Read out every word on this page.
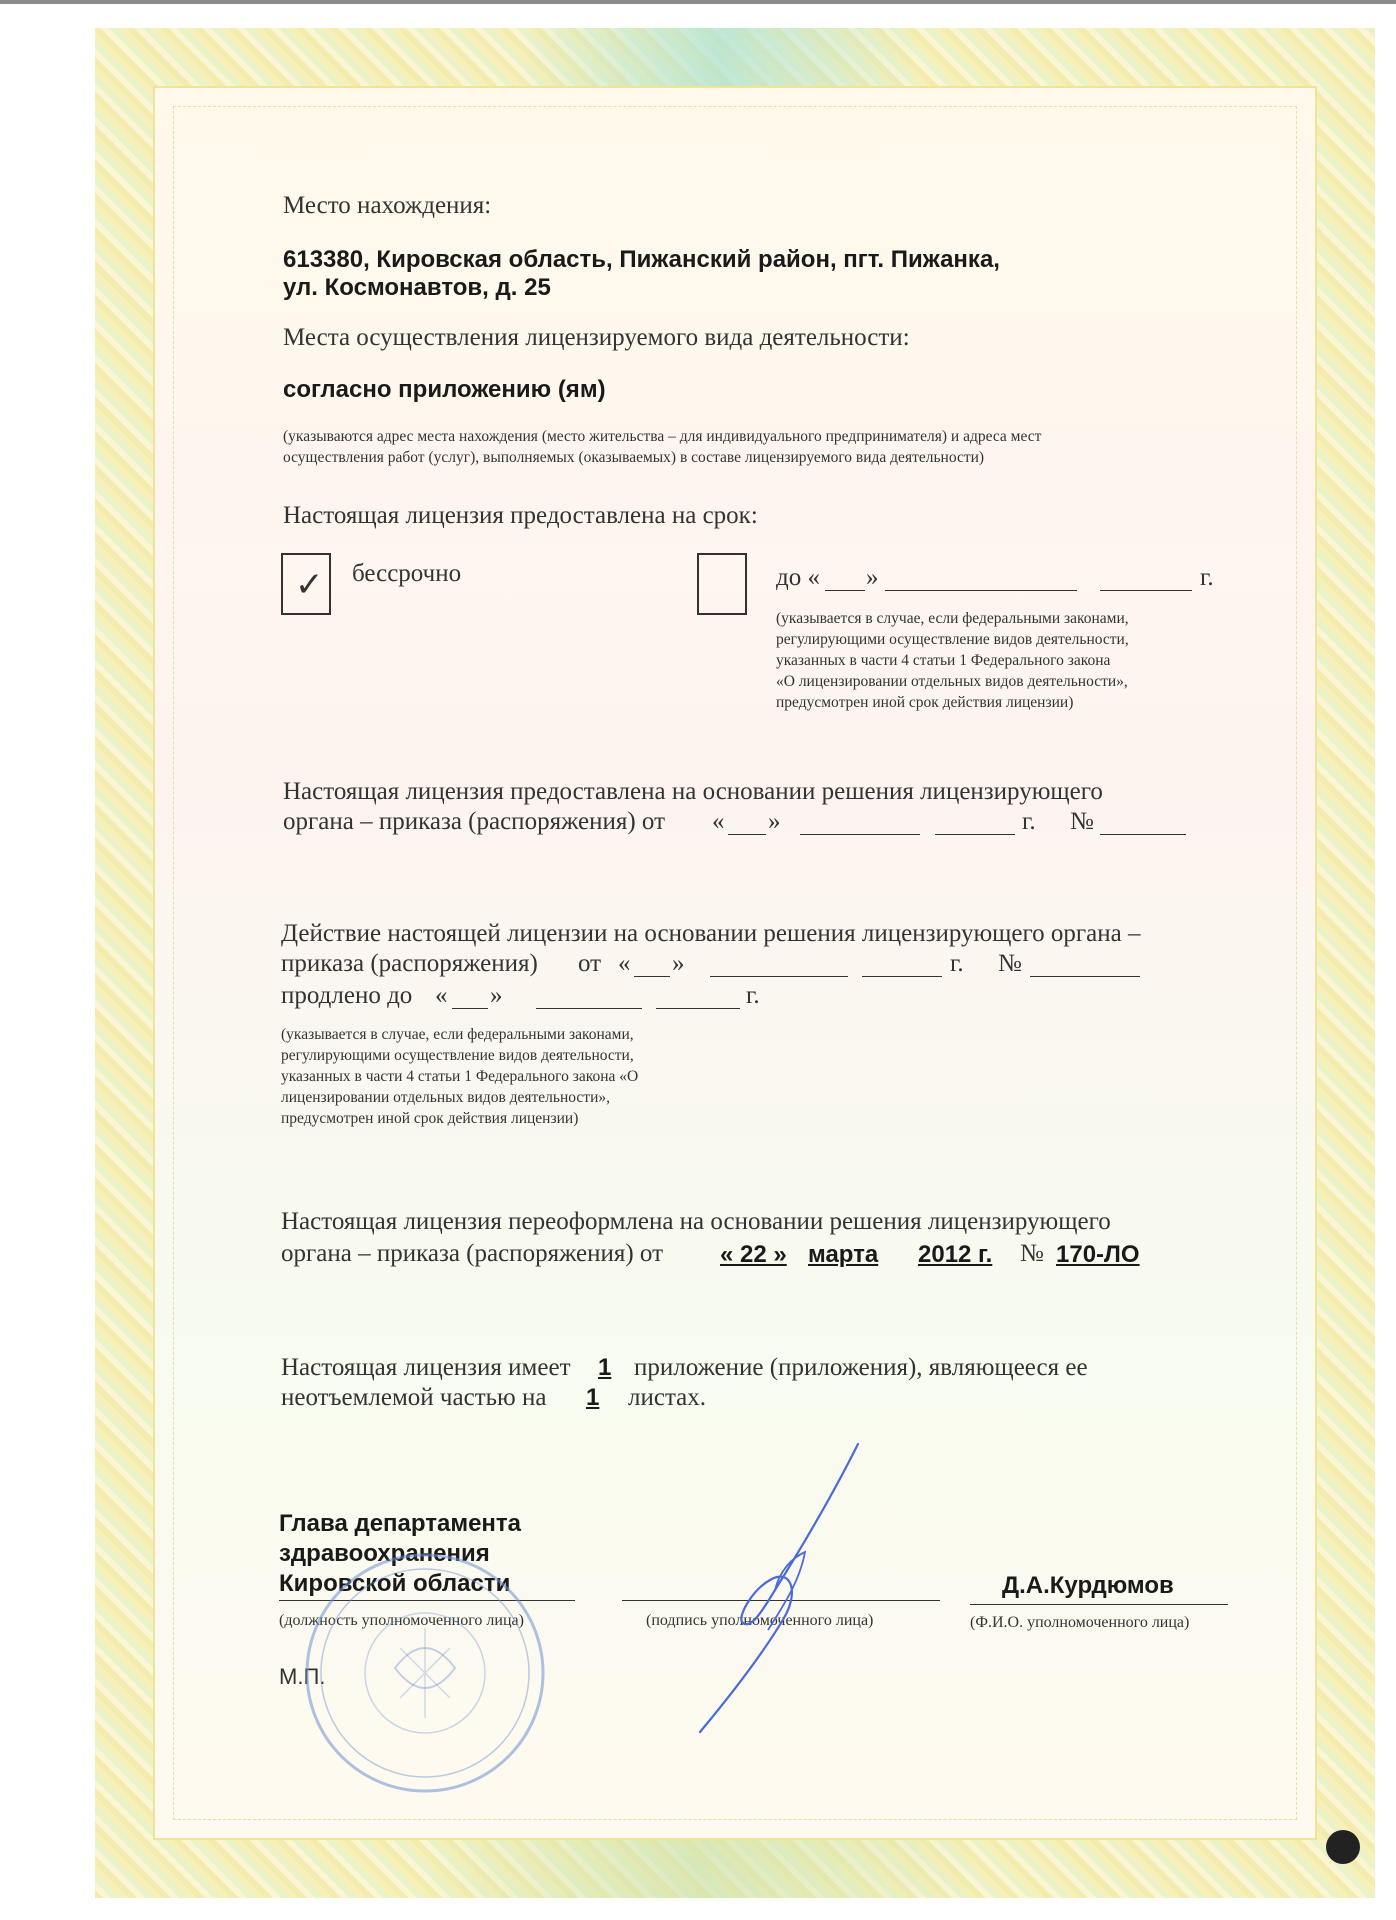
Место нахождения:
613380, Кировская область, Пижанский район, пгт. Пижанка,
ул. Космонавтов, д. 25
Места осуществления лицензируемого вида деятельности:
согласно приложению (ям)
(указываются адрес места нахождения (место жительства – для индивидуального предпринимателя) и адреса мест
осуществления работ (услуг), выполняемых (оказываемых) в составе лицензируемого вида деятельности)
Настоящая лицензия предоставлена на срок:
✓ бессрочно	до « »	г.
(указывается в случае, если федеральными законами,
регулирующими осуществление видов деятельности,
указанных в части 4 статьи 1 Федерального закона
«О лицензировании отдельных видов деятельности»,
предусмотрен иной срок действия лицензии)
Настоящая лицензия предоставлена на основании решения лицензирующего
органа – приказа (распоряжения) от « »	г. №
Действие настоящей лицензии на основании решения лицензирующего органа –
приказа (распоряжения) от « »	г. №
продлено до « »	г.
(указывается в случае, если федеральными законами,
регулирующими осуществление видов деятельности,
указанных в части 4 статьи 1 Федерального закона «О
лицензировании отдельных видов деятельности»,
предусмотрен иной срок действия лицензии)
Настоящая лицензия переоформлена на основании решения лицензирующего
органа – приказа (распоряжения) от « 22 » марта 2012 г. № 170-ЛО
Настоящая лицензия имеет 1 приложение (приложения), являющееся ее
неотъемлемой частью на 1 листах.
Глава департамента
здравоохранения
Кировской области
(должность уполномоченного лица)	(подпись уполномоченного лица)
Д.А.Курдюмов
(Ф.И.О. уполномоченного лица)
М.П.
